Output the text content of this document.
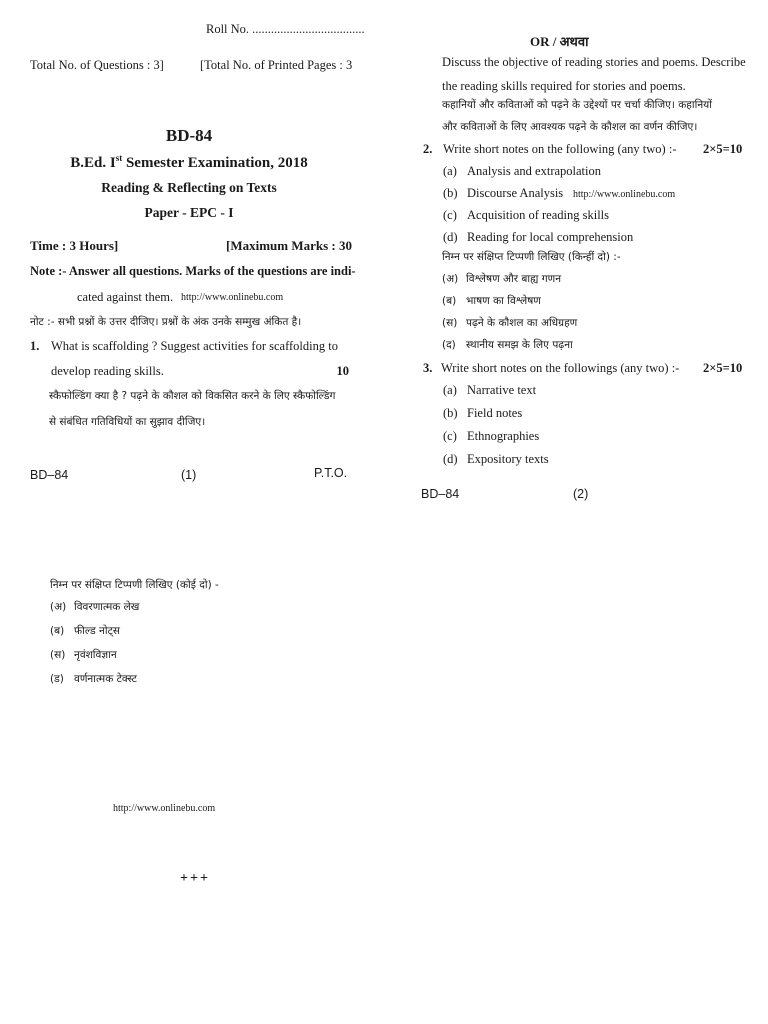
Roll No. ....................................
Total No. of Questions : 3]	[Total No. of Printed Pages : 3
BD-84
B.Ed. Ist Semester Examination, 2018
Reading & Reflecting on Texts
Paper - EPC - I
Time : 3 Hours]	[Maximum Marks : 30
Note :- Answer all questions. Marks of the questions are indi-
cated against them. http://www.onlinebu.com
नोट :- सभी प्रश्नों के उत्तर दीजिए। प्रश्नों के अंक उनके सम्मुख अंकित है।
1. What is scaffolding ? Suggest activities for scaffolding to
develop reading skills.	10
स्कैफोल्डिंग क्या है ? पढ़ने के कौशल को विकसित करने के लिए स्कैफोल्डिंग
से संबंधित गतिविधियों का सुझाव दीजिए।
BD–84	(1)	P.T.O.
OR / अथवा
Discuss the objective of reading stories and poems. Describe
the reading skills required for stories and poems.
कहानियों और कविताओं को पढ़ने के उद्देश्यों पर चर्चा कीजिए। कहानियों
और कविताओं के लिए आवश्यक पढ़ने के कौशल का वर्णन कीजिए।
2. Write short notes on the following (any two) :- 2×5=10
(a) Analysis and extrapolation
(b) Discourse Analysis http://www.onlinebu.com
(c) Acquisition of reading skills
(d) Reading for local comprehension
निम्न पर संक्षिप्त टिप्पणी लिखिए (किन्हीं दो) :-
(अ) विश्लेषण और बाह्य गणन
(ब) भाषण का विश्लेषण
(स) पढ़ने के कौशल का अधिग्रहण
(द) स्थानीय समझ के लिए पढ़ना
3. Write short notes on the followings (any two) :- 2×5=10
(a) Narrative text
(b) Field notes
(c) Ethnographies
(d) Expository texts
BD–84	(2)
निम्न पर संक्षिप्त टिप्पणी लिखिए (कोई दो) -
(अ) विवरणात्मक लेख
(ब) फील्ड नोट्स
(स) नृवंशविज्ञान
(ड) वर्णनात्मक टेक्स्ट
http://www.onlinebu.com
+++
